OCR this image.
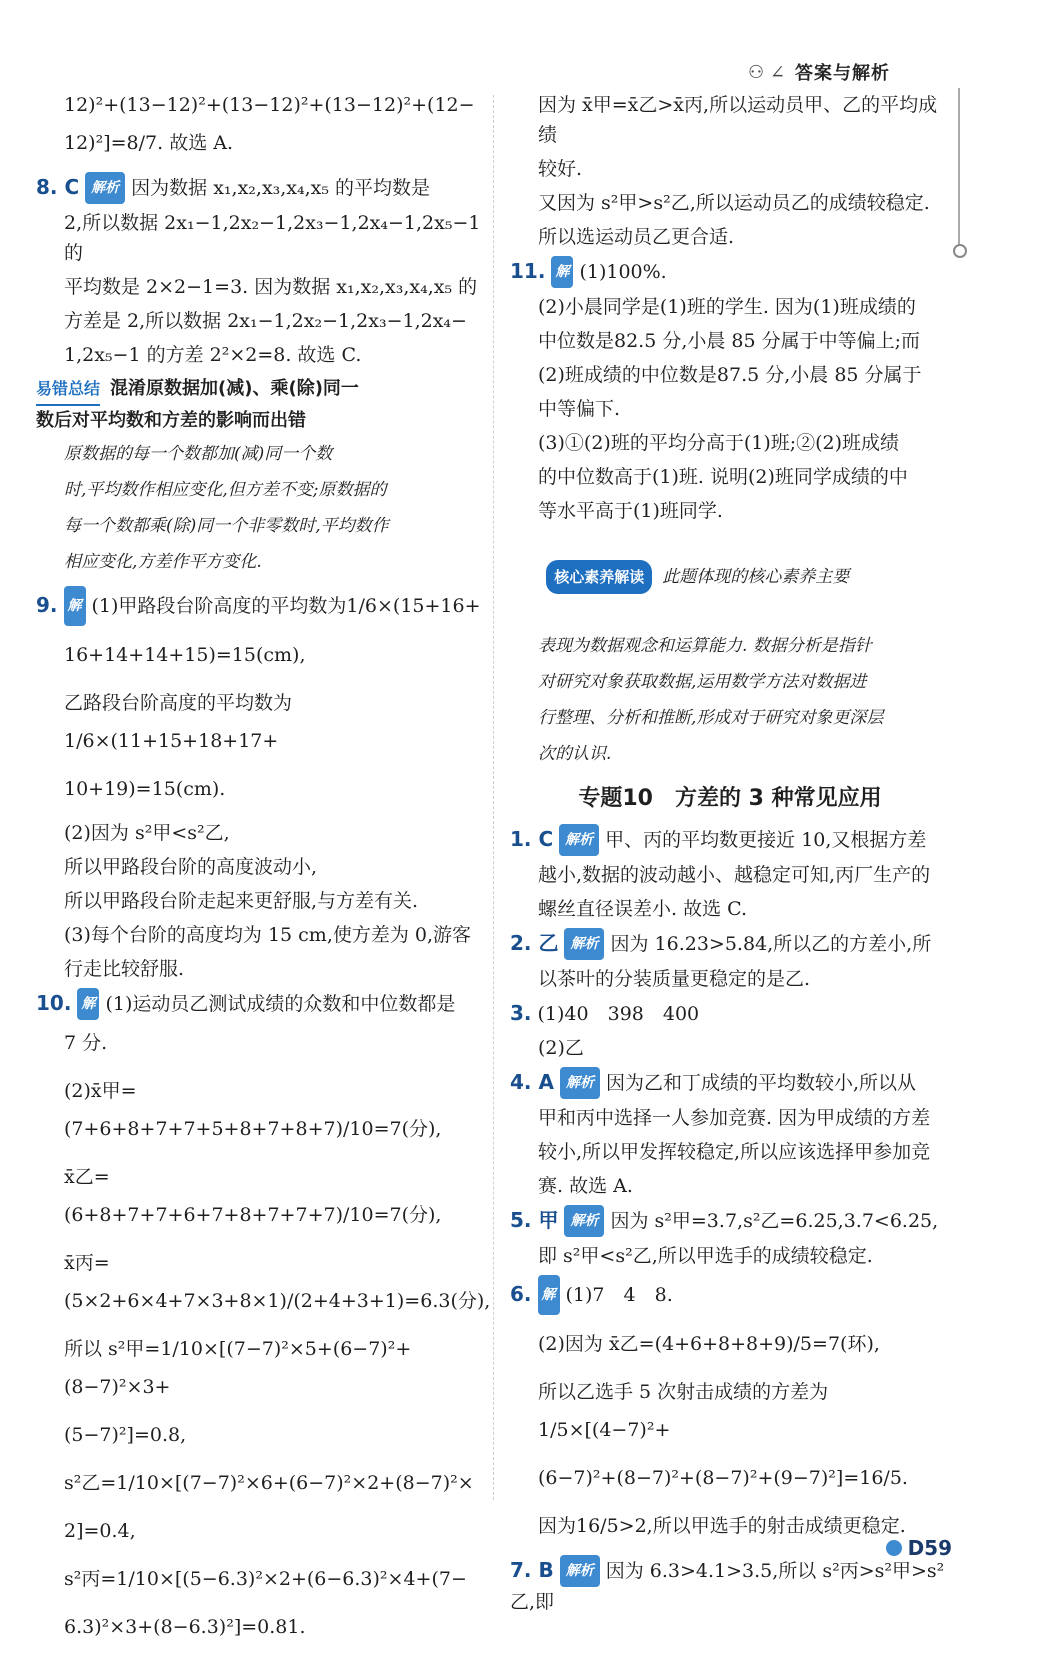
⚇ ∠ 答案与解析
12)²+(13−12)²+(13−12)²+(13−12)²+(12−
12)²]=8/7. 故选 A.
8. C 解析 因为数据 x₁,x₂,x₃,x₄,x₅ 的平均数是
2,所以数据 2x₁−1,2x₂−1,2x₃−1,2x₄−1,2x₅−1 的
平均数是 2×2−1=3. 因为数据 x₁,x₂,x₃,x₄,x₅ 的
方差是 2,所以数据 2x₁−1,2x₂−1,2x₃−1,2x₄−
1,2x₅−1 的方差 2²×2=8. 故选 C.
易错总结 混淆原数据加(减)、乘(除)同一
数后对平均数和方差的影响而出错
原数据的每一个数都加(减)同一个数
时,平均数作相应变化,但方差不变;原数据的
每一个数都乘(除)同一个非零数时,平均数作
相应变化,方差作平方变化.
9. 解 (1)甲路段台阶高度的平均数为1/6×(15+16+
16+14+14+15)=15(cm),
乙路段台阶高度的平均数为1/6×(11+15+18+17+
10+19)=15(cm).
(2)因为 s²甲<s²乙,
所以甲路段台阶的高度波动小,
所以甲路段台阶走起来更舒服,与方差有关.
(3)每个台阶的高度均为 15 cm,使方差为 0,游客
行走比较舒服.
10. 解 (1)运动员乙测试成绩的众数和中位数都是
7 分.
(2)x̄甲=(7+6+8+7+7+5+8+7+8+7)/10=7(分),
x̄乙=(6+8+7+7+6+7+8+7+7+7)/10=7(分),
x̄丙=(5×2+6×4+7×3+8×1)/(2+4+3+1)=6.3(分),
所以 s²甲=1/10×[(7−7)²×5+(6−7)²+(8−7)²×3+
(5−7)²]=0.8,
s²乙=1/10×[(7−7)²×6+(6−7)²×2+(8−7)²×
2]=0.4,
s²丙=1/10×[(5−6.3)²×2+(6−6.3)²×4+(7−
6.3)²×3+(8−6.3)²]=0.81.
因为 x̄甲=x̄乙>x̄丙,所以运动员甲、乙的平均成绩
较好.
又因为 s²甲>s²乙,所以运动员乙的成绩较稳定.
所以选运动员乙更合适.
11. 解 (1)100%.
(2)小晨同学是(1)班的学生. 因为(1)班成绩的
中位数是82.5 分,小晨 85 分属于中等偏上;而
(2)班成绩的中位数是87.5 分,小晨 85 分属于
中等偏下.
(3)①(2)班的平均分高于(1)班;②(2)班成绩
的中位数高于(1)班. 说明(2)班同学成绩的中
等水平高于(1)班同学.

核心素养解读 此题体现的核心素养主要

表现为数据观念和运算能力. 数据分析是指针
对研究对象获取数据,运用数学方法对数据进
行整理、分析和推断,形成对于研究对象更深层
次的认识.
专题10　方差的 3 种常见应用
1. C 解析 甲、丙的平均数更接近 10,又根据方差
越小,数据的波动越小、越稳定可知,丙厂生产的
螺丝直径误差小. 故选 C.
2. 乙 解析 因为 16.23>5.84,所以乙的方差小,所
以茶叶的分装质量更稳定的是乙.
3. (1)40　398　400
(2)乙
4. A 解析 因为乙和丁成绩的平均数较小,所以从
甲和丙中选择一人参加竞赛. 因为甲成绩的方差
较小,所以甲发挥较稳定,所以应该选择甲参加竞
赛. 故选 A.
5. 甲 解析 因为 s²甲=3.7,s²乙=6.25,3.7<6.25,
即 s²甲<s²乙,所以甲选手的成绩较稳定.
6. 解 (1)7　4　8.
(2)因为 x̄乙=(4+6+8+8+9)/5=7(环),
所以乙选手 5 次射击成绩的方差为1/5×[(4−7)²+
(6−7)²+(8−7)²+(8−7)²+(9−7)²]=16/5.
因为16/5>2,所以甲选手的射击成绩更稳定.
7. B 解析 因为 6.3>4.1>3.5,所以 s²丙>s²甲>s²乙,即
D59
